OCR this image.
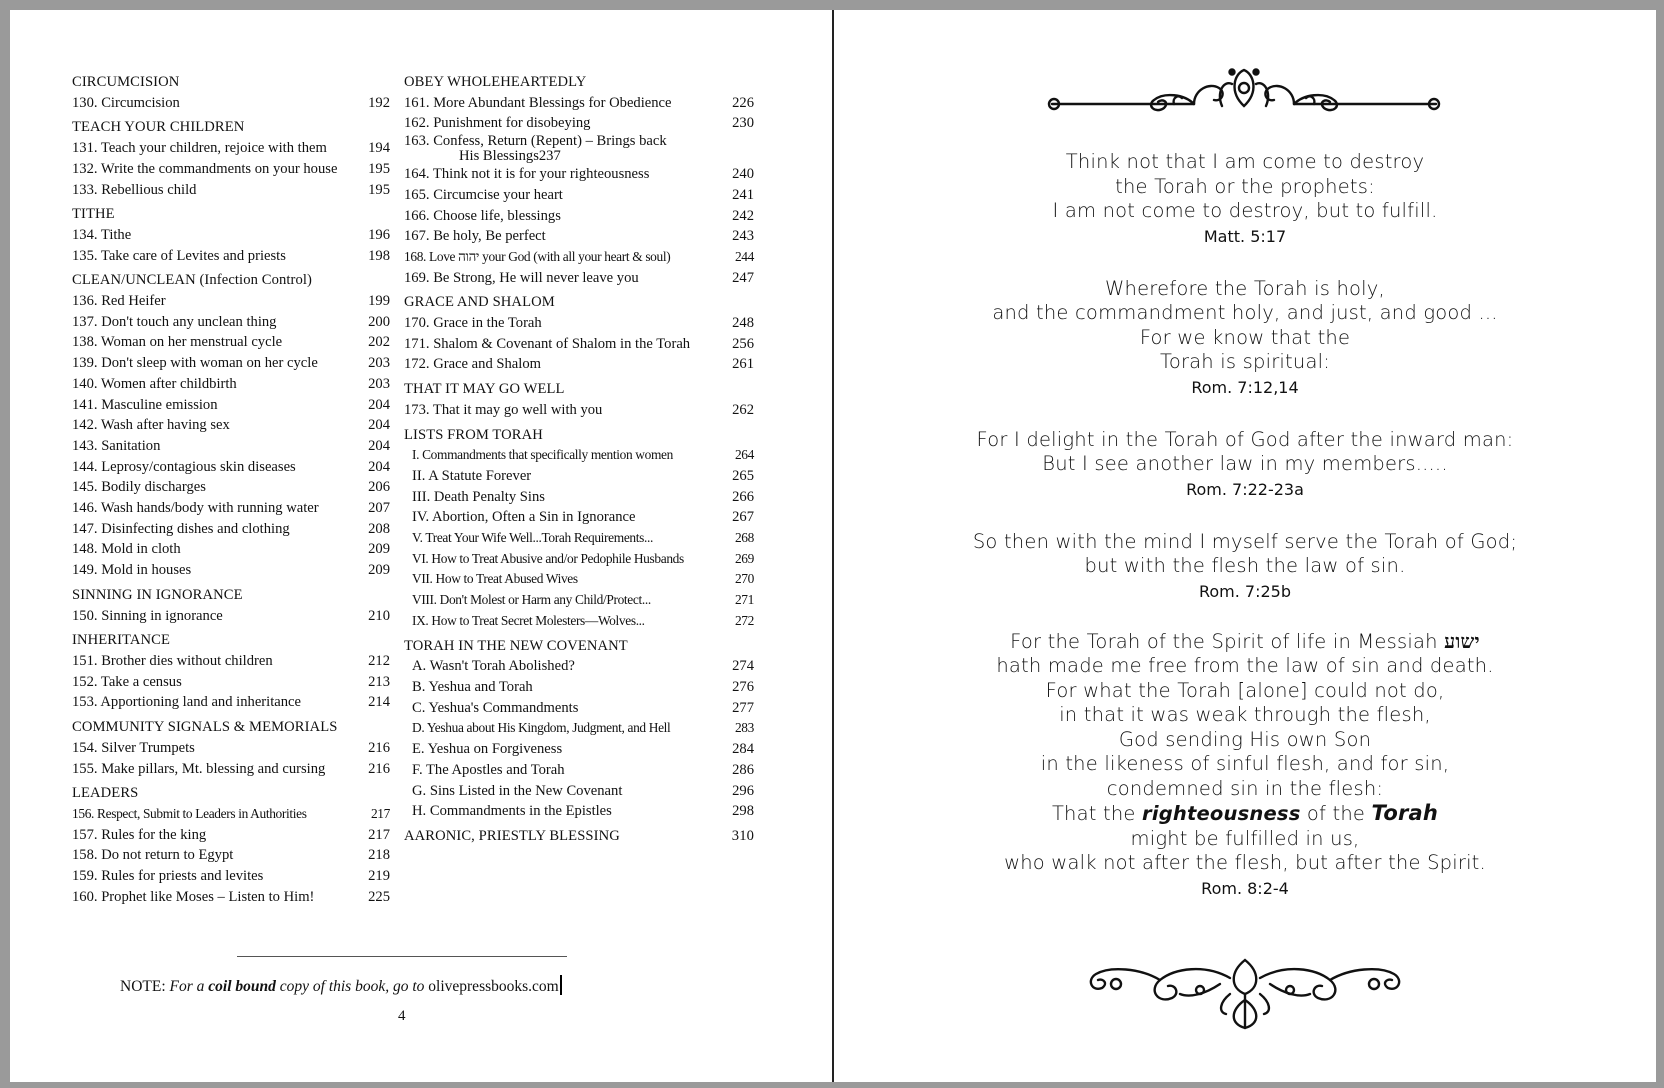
CIRCUMCISION
130. Circumcision	192
TEACH YOUR CHILDREN
131. Teach your children, rejoice with them	194
132. Write the commandments on your house 195
133. Rebellious child	195
TITHE
134. Tithe	196
135. Take care of Levites and priests	198
CLEAN/UNCLEAN (Infection Control)
136. Red Heifer	199
137. Don't touch any unclean thing	200
138. Woman on her menstrual cycle	202
139. Don't sleep with woman on her cycle	203
140. Women after childbirth	203
141. Masculine emission	204
142. Wash after having sex	204
143. Sanitation	204
144. Leprosy/contagious skin diseases	204
145. Bodily discharges	206
146. Wash hands/body with running water	207
147. Disinfecting dishes and clothing	208
148. Mold in cloth	209
149. Mold in houses	209
SINNING IN IGNORANCE
150. Sinning in ignorance	210
INHERITANCE
151. Brother dies without children	212
152. Take a census	213
153. Apportioning land and inheritance	214
COMMUNITY SIGNALS & MEMORIALS
154. Silver Trumpets	216
155. Make pillars, Mt. blessing and cursing	216
LEADERS
156. Respect, Submit to Leaders in Authorities	217
157. Rules for the king	217
158. Do not return to Egypt	218
159. Rules for priests and levites	219
160. Prophet like Moses – Listen to Him!	225
OBEY WHOLEHEARTEDLY
161. More Abundant Blessings for Obedience	226
162. Punishment for disobeying	230
163. Confess, Return (Repent) – Brings back
His Blessings 237
164. Think not it is for your righteousness	240
165. Circumcise your heart	241
166. Choose life, blessings	242
167. Be holy, Be perfect	243
168. Love יהוה your God (with all your heart & soul)	244
169. Be Strong, He will never leave you	247
GRACE AND SHALOM
170. Grace in the Torah	248
171. Shalom & Covenant of Shalom in the Torah	256
172. Grace and Shalom	261
THAT IT MAY GO WELL
173. That it may go well with you	262
LISTS FROM TORAH
I. Commandments that specifically mention women	264
II. A Statute Forever	265
III. Death Penalty Sins	266
IV. Abortion, Often a Sin in Ignorance	267
V. Treat Your Wife Well...Torah Requirements...	268
VI. How to Treat Abusive and/or Pedophile Husbands	269
VII. How to Treat Abused Wives	270
VIII. Don't Molest or Harm any Child/Protect...	271
IX. How to Treat Secret Molesters—Wolves...	272
TORAH IN THE NEW COVENANT
A. Wasn't Torah Abolished?	274
B. Yeshua and Torah	276
C. Yeshua's Commandments	277
D. Yeshua about His Kingdom, Judgment, and Hell	283
E. Yeshua on Forgiveness	284
F. The Apostles and Torah	286
G. Sins Listed in the New Covenant	296
H. Commandments in the Epistles	298
AARONIC, PRIESTLY BLESSING	310
NOTE: For a coil bound copy of this book, go to olivepressbooks.com
4
Think not that I am come to destroy
the Torah or the prophets:
I am not come to destroy, but to fulfill.
Matt. 5:17
Wherefore the Torah is holy,
and the commandment holy, and just, and good ...
For we know that the
Torah is spiritual:
Rom. 7:12,14
For I delight in the Torah of God after the inward man:
But I see another law in my members.....
Rom. 7:22-23a
So then with the mind I myself serve the Torah of God;
but with the flesh the law of sin.
Rom. 7:25b
For the Torah of the Spirit of life in Messiah ישוע
hath made me free from the law of sin and death.
For what the Torah [alone] could not do,
in that it was weak through the flesh,
God sending His own Son
in the likeness of sinful flesh, and for sin,
condemned sin in the flesh:
That the righteousness of the Torah
might be fulfilled in us,
who walk not after the flesh, but after the Spirit.
Rom. 8:2-4
